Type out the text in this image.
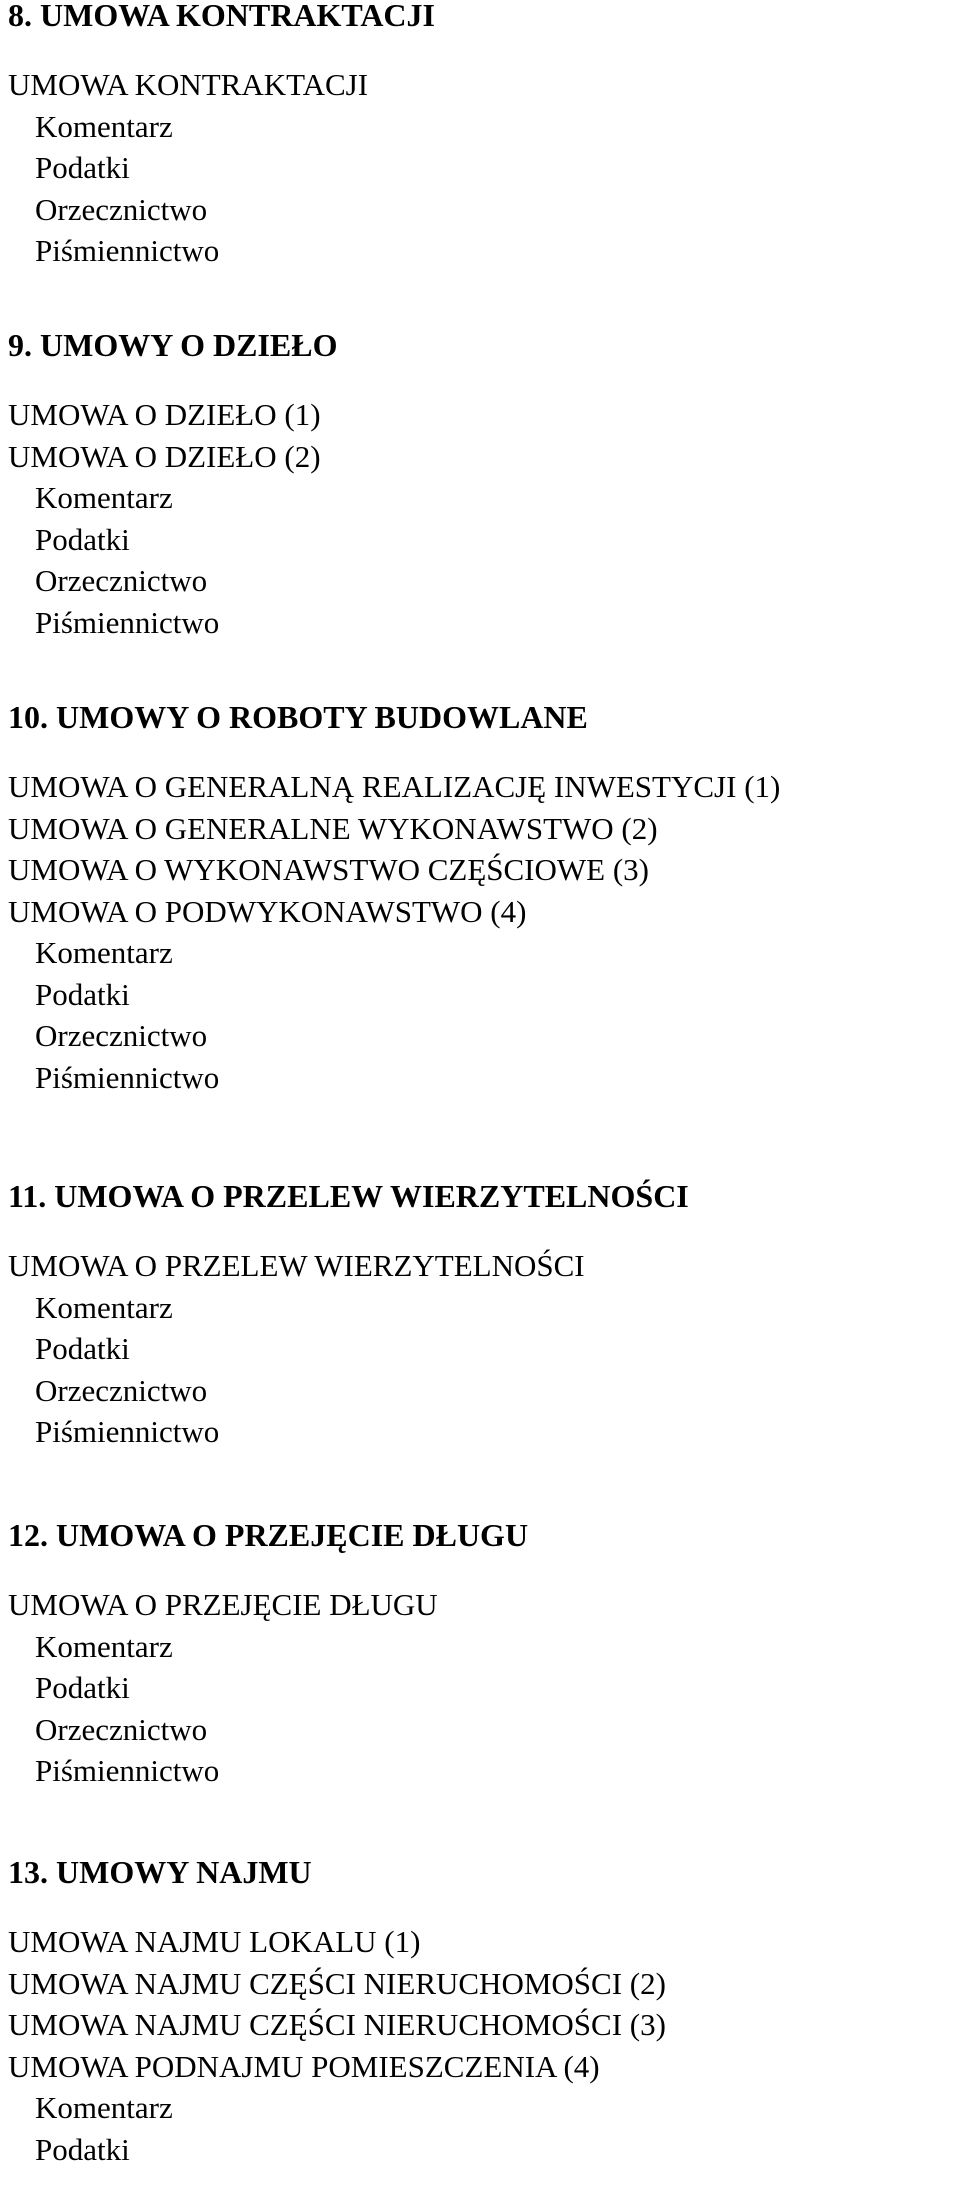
8. UMOWA KONTRAKTACJI
UMOWA KONTRAKTACJI
Komentarz
Podatki
Orzecznictwo
Piśmiennictwo
9. UMOWY O DZIEŁO
UMOWA O DZIEŁO (1)
UMOWA O DZIEŁO (2)
Komentarz
Podatki
Orzecznictwo
Piśmiennictwo
10. UMOWY O ROBOTY BUDOWLANE
UMOWA O GENERALNĄ REALIZACJĘ INWESTYCJI (1)
UMOWA O GENERALNE WYKONAWSTWO (2)
UMOWA O WYKONAWSTWO CZĘŚCIOWE (3)
UMOWA O PODWYKONAWSTWO (4)
Komentarz
Podatki
Orzecznictwo
Piśmiennictwo
11. UMOWA O PRZELEW WIERZYTELNOŚCI
UMOWA O PRZELEW WIERZYTELNOŚCI
Komentarz
Podatki
Orzecznictwo
Piśmiennictwo
12. UMOWA O PRZEJĘCIE DŁUGU
UMOWA O PRZEJĘCIE DŁUGU
Komentarz
Podatki
Orzecznictwo
Piśmiennictwo
13. UMOWY NAJMU
UMOWA NAJMU LOKALU (1)
UMOWA NAJMU CZĘŚCI NIERUCHOMOŚCI (2)
UMOWA NAJMU CZĘŚCI NIERUCHOMOŚCI (3)
UMOWA PODNAJMU POMIESZCZENIA (4)
Komentarz
Podatki
